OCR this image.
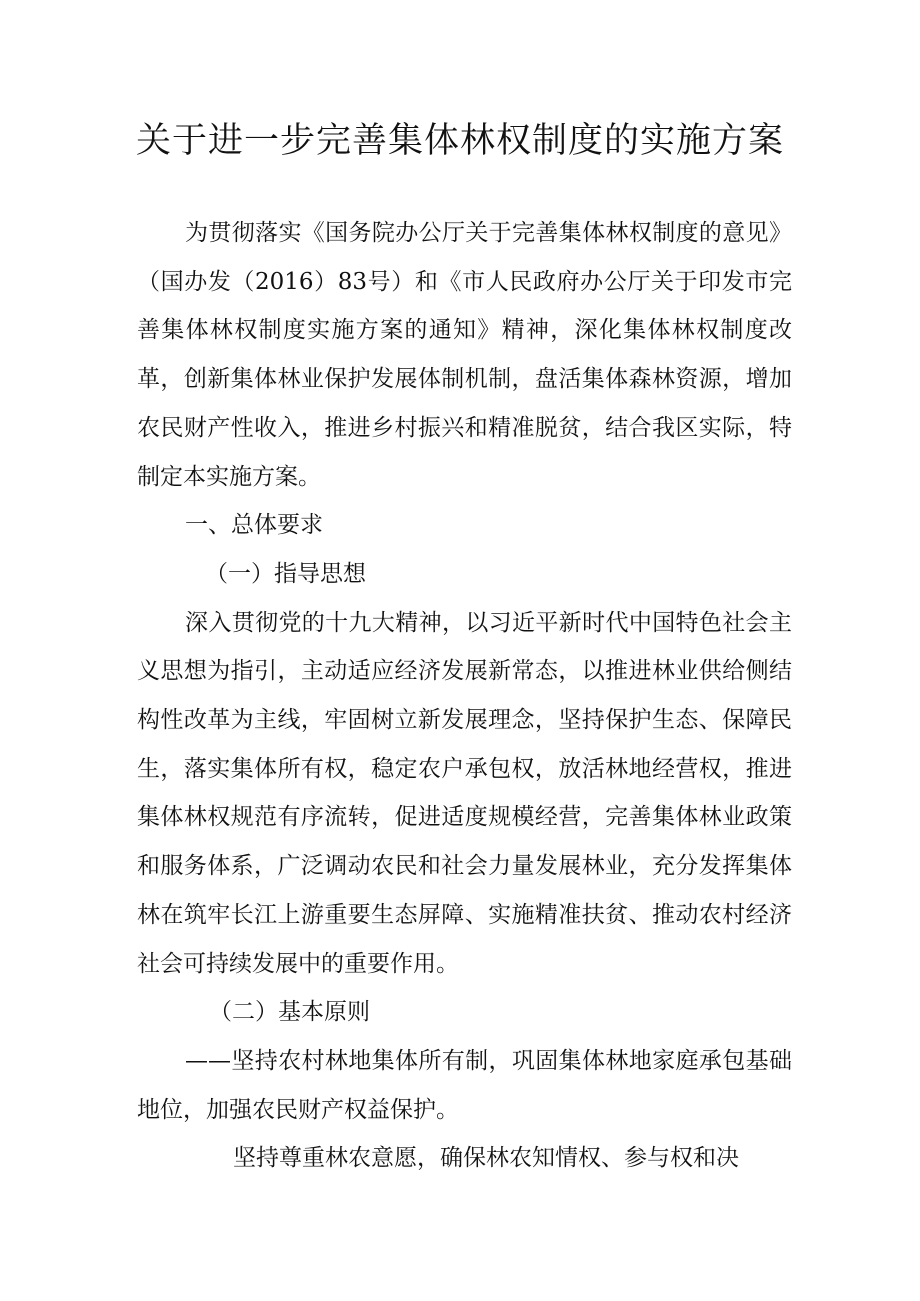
关于进一步完善集体林权制度的实施方案

为贯彻落实《国务院办公厅关于完善集体林权制度的意见》（国办发（2016）83号）和《市人民政府办公厅关于印发市完善集体林权制度实施方案的通知》精神，深化集体林权制度改革，创新集体林业保护发展体制机制，盘活集体森林资源，增加农民财产性收入，推进乡村振兴和精准脱贫，结合我区实际，特制定本实施方案。

一、总体要求

（一）指导思想

深入贯彻党的十九大精神，以习近平新时代中国特色社会主义思想为指引，主动适应经济发展新常态，以推进林业供给侧结构性改革为主线，牢固树立新发展理念，坚持保护生态、保障民生，落实集体所有权，稳定农户承包权，放活林地经营权，推进集体林权规范有序流转，促进适度规模经营，完善集体林业政策和服务体系，广泛调动农民和社会力量发展林业，充分发挥集体林在筑牢长江上游重要生态屏障、实施精准扶贫、推动农村经济社会可持续发展中的重要作用。

（二）基本原则

——坚持农村林地集体所有制，巩固集体林地家庭承包基础地位，加强农民财产权益保护。

坚持尊重林农意愿，确保林农知情权、参与权和决
